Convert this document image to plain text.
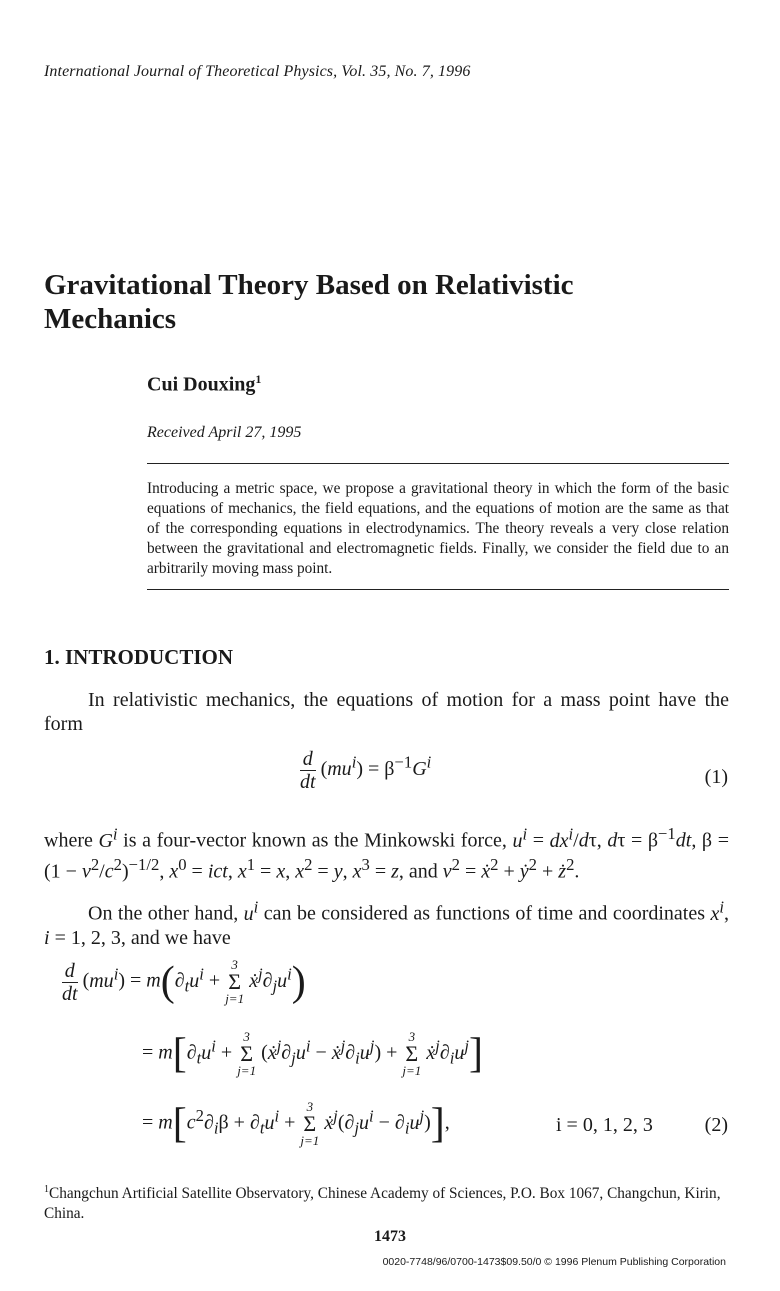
International Journal of Theoretical Physics, Vol. 35, No. 7, 1996
Gravitational Theory Based on Relativistic
Mechanics
Cui Douxing$^1$
Received April 27, 1995
Introducing a metric space, we propose a gravitational theory in which the form of the basic equations of mechanics, the field equations, and the equations of motion are the same as that of the corresponding equations in electrodynamics. The theory reveals a very close relation between the gravitational and electromagnetic fields. Finally, we consider the field due to an arbitrarily moving mass point.
1. INTRODUCTION
In relativistic mechanics, the equations of motion for a mass point have the form
$\frac{d}{dt} (mu^i) = \beta^{-1}G^i$
(1)
where $G^i$ is a four-vector known as the Minkowski force, $u^i = dx^i/d\tau$, $d\tau = \beta^{-1}dt$, $\beta = (1 - v^2/c^2)^{-1/2}$, $x^0$ = ict, $x^1 = x$, $x^2 = y$, $x^3 = z$, and $v^2$ = ẋ$^2$ + ẏ$^2$ + $ż^2$.
On the other hand, $u^i$ can be considered as functions of time and coordinates $x^i$, i = 1, 2, 3, and we have
$\frac{d}{dt} (mu^i) = m(\partial_tu^i$ +
3
Σ
j=1
$ẋ^j\partial_ju^i$)
= $m[\partial_tu^i$ +
3
Σ
j=1
($ẋ^j\partial_ju^i$ − $ẋ^j\partial_iu^j$) +
3
Σ
j=1
$ẋ^j\partial_iu^j$]
= $m[c^2\partial_i\beta + \partial_tu^i$ +
3
Σ
j=1
$ẋ^j(\partial_ju^i - \partial_iu^j)$],	i = 0, 1, 2, 3	(2)
$^1$Changchun Artificial Satellite Observatory, Chinese Academy of Sciences, P.O. Box 1067, Changchun, Kirin, China.
1473
0020-7748/96/0700-1473$09.50/0 © 1996 Plenum Publishing Corporation
